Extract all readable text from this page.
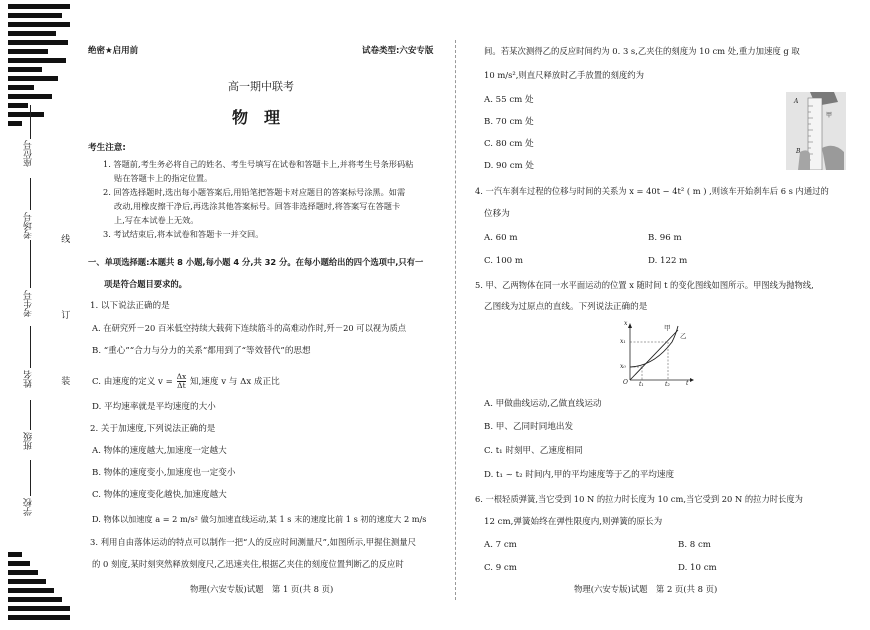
座位号
考场号
考生号
姓名
班级
学校
线
订
装
绝密★启用前	试卷类型:六安专版
高一期中联考
物　理
考生注意:
1. 答题前,考生务必将自己的姓名、考生号填写在试卷和答题卡上,并将考生号条形码粘
贴在答题卡上的指定位置。
2. 回答选择题时,选出每小题答案后,用铅笔把答题卡对应题目的答案标号涂黑。如需
改动,用橡皮擦干净后,再选涂其他答案标号。回答非选择题时,将答案写在答题卡
上,写在本试卷上无效。
3. 考试结束后,将本试卷和答题卡一并交回。
一、单项选择题:本题共 8 小题,每小题 4 分,共 32 分。在每小题给出的四个选项中,只有一
项是符合题目要求的。
1. 以下说法正确的是
A. 在研究歼－20 百米低空持续大载荷下连续筋斗的高难动作时,歼－20 可以视为质点
B. “重心”“合力与分力的关系”都用到了“等效替代”的思想
C. 由速度的定义 $v = \frac{\Delta x}{\Delta t}$ 知,速度 v 与 Δx 成正比
D. 平均速率就是平均速度的大小
2. 关于加速度,下列说法正确的是
A. 物体的速度越大,加速度一定越大
B. 物体的速度变小,加速度也一定变小
C. 物体的速度变化越快,加速度越大
D. 物体以加速度 a = 2 m/s² 做匀加速直线运动,某 1 s 末的速度比前 1 s 初的速度大 2 m/s
3. 利用自由落体运动的特点可以制作一把“人的反应时间测量尺”,如图所示,甲握住测量尺
的 0 刻度,某时刻突然释放刻度尺,乙迅速夹住,根据乙夹住的刻度位置判断乙的反应时
物理(六安专版)试题　第 1 页(共 8 页)
间。若某次测得乙的反应时间约为 0. 3 s,乙夹住的刻度为 10 cm 处,重力加速度 g 取
10 m/s²,则直尺释放时乙手放置的刻度约为
A. 55 cm 处
B. 70 cm 处
C. 80 cm 处
D. 90 cm 处
A
甲
B
4. 一汽车刹车过程的位移与时间的关系为 x = 40t − 4t² ( m ) ,则该车开始刹车后 6 s 内通过的
位移为
A. 60 m	B. 96 m
C. 100 m	D. 122 m
5. 甲、乙两物体在同一水平面运动的位置 x 随时间 t 的变化图线如图所示。甲图线为抛物线,
乙图线为过原点的直线。下列说法正确的是
x
t
O
x₁
x₀
t₁	t₂
甲
乙
A. 甲做曲线运动,乙做直线运动
B. 甲、乙同时同地出发
C. t₁ 时刻甲、乙速度相同
D. t₁ ~ t₂ 时间内,甲的平均速度等于乙的平均速度
6. 一根轻质弹簧,当它受到 10 N 的拉力时长度为 10 cm,当它受到 20 N 的拉力时长度为
12 cm,弹簧始终在弹性限度内,则弹簧的原长为
A. 7 cm	B. 8 cm
C. 9 cm	D. 10 cm
物理(六安专版)试题　第 2 页(共 8 页)
